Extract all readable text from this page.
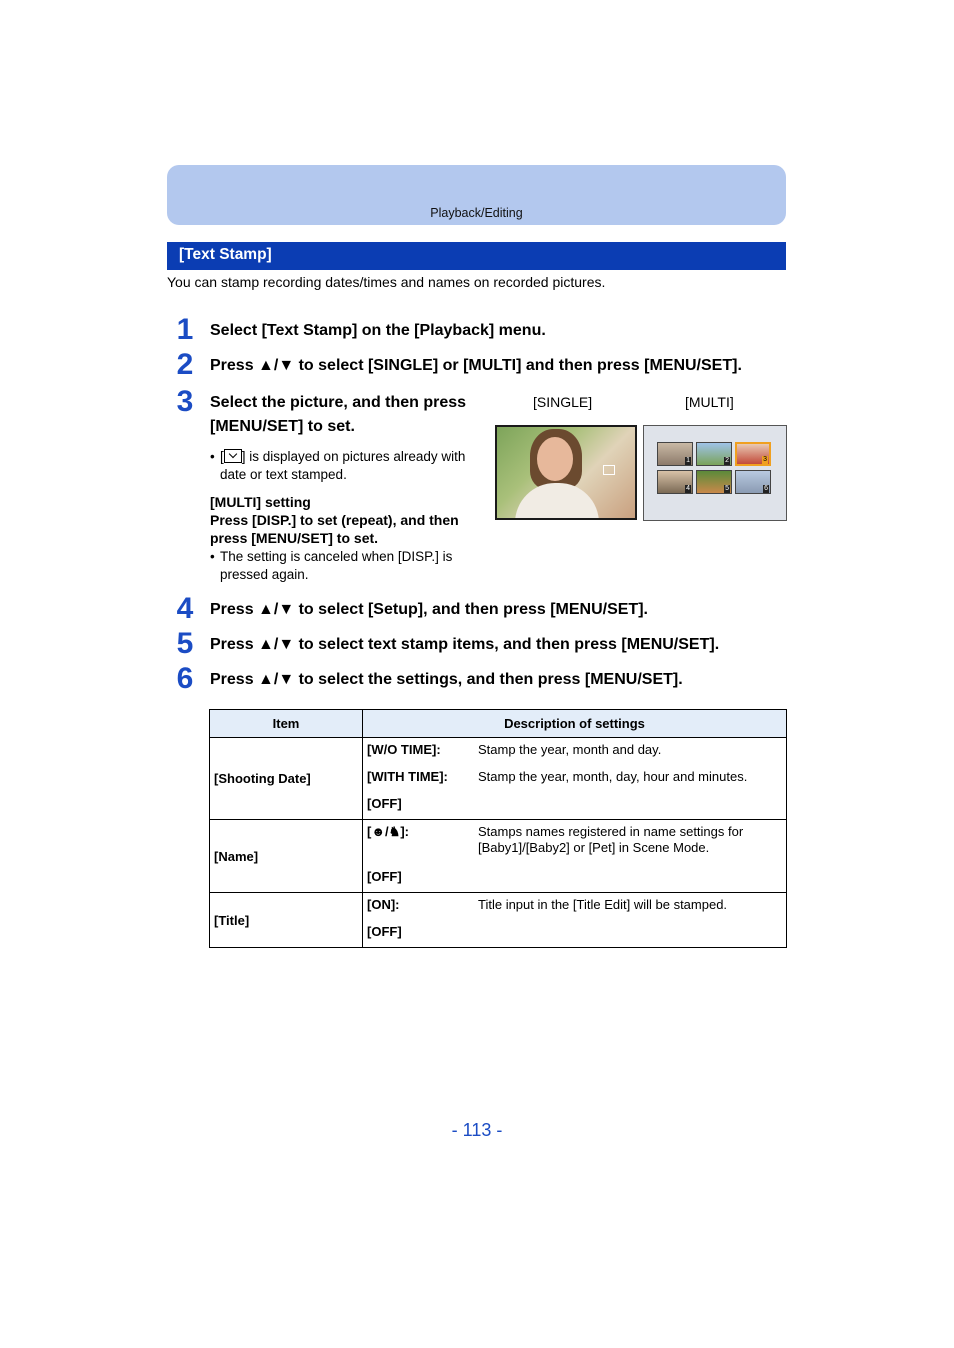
Playback/Editing
[Text Stamp]
You can stamp recording dates/times and names on recorded pictures.
1 Select [Text Stamp] on the [Playback] menu.
2 Press ▲/▼ to select [SINGLE] or [MULTI] and then press [MENU/SET].
3 Select the picture, and then press
[MENU/SET] to set.
• [ ] is displayed on pictures already with
date or text stamped.
[MULTI] setting
Press [DISP.] to set (repeat), and then
press [MENU/SET] to set.
• The setting is canceled when [DISP.] is
pressed again.
[SINGLE]	[MULTI]
1	2	3
4	5	6
4 Press ▲/▼ to select [Setup], and then press [MENU/SET].
5 Press ▲/▼ to select text stamp items, and then press [MENU/SET].
6 Press ▲/▼ to select the settings, and then press [MENU/SET].
Item	Description of settings
[Shooting Date]	[W/O TIME]: Stamp the year, month and day.
[WITH TIME]: Stamp the year, month, day, hour and minutes.
[OFF]

[Name]	[☻/♞]: Stamps names registered in name settings for [Baby1]/[Baby2] or [Pet] in Scene Mode.
[OFF]

[Title]	[ON]: Title input in the [Title Edit] will be stamped.
[OFF]
- 113 -
